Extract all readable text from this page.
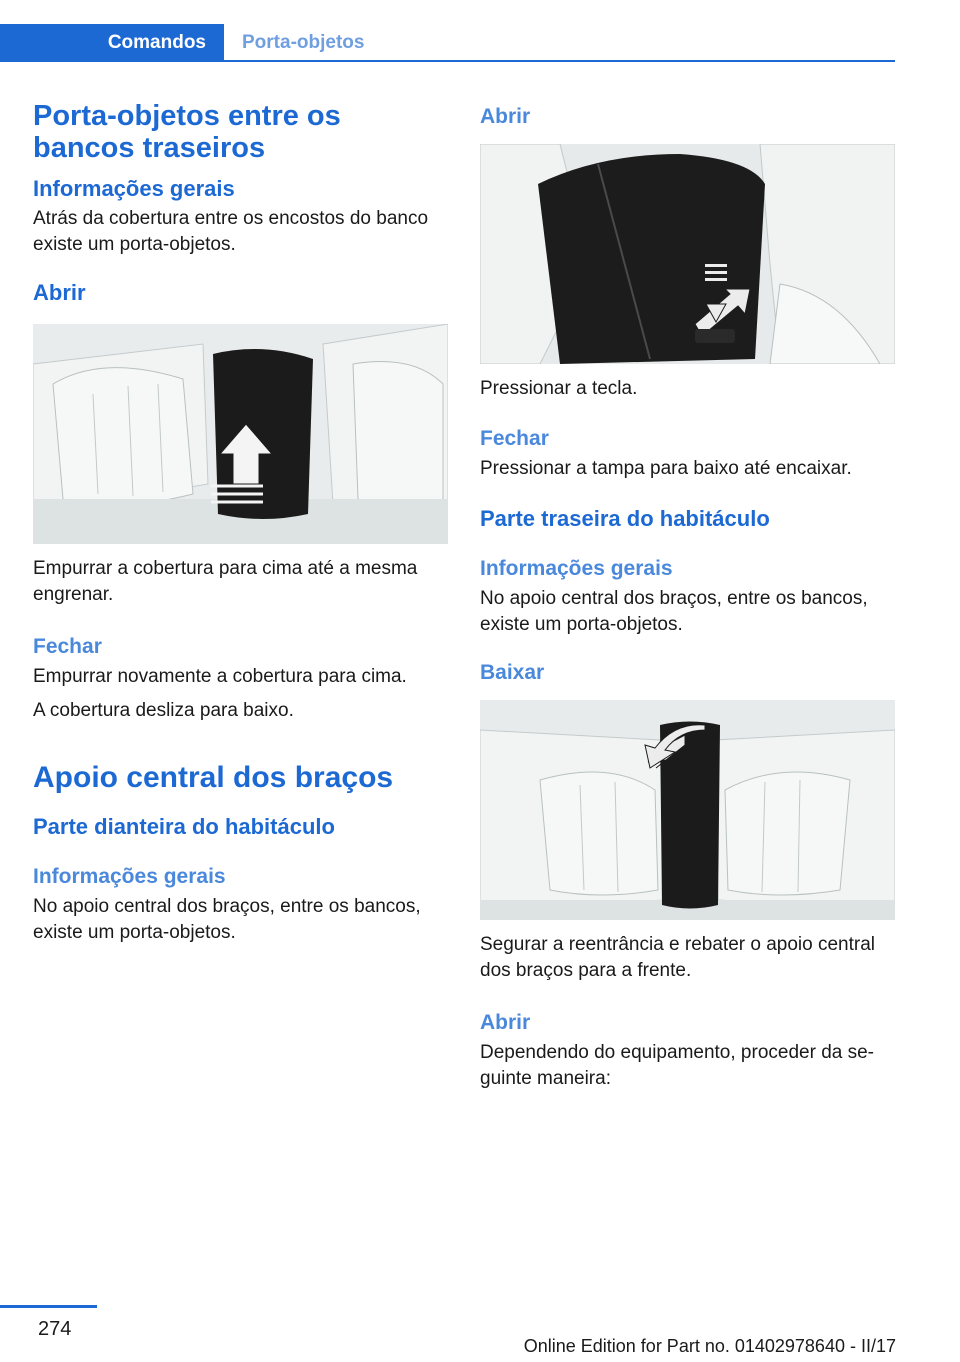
Comandos Porta-objetos
Porta-objetos entre os bancos traseiros
Informações gerais

Atrás da cobertura entre os encostos do banco existe um porta-objetos.

Abrir

Empurrar a cobertura para cima até a mesma engrenar.

Fechar

Empurrar novamente a cobertura para cima.

A cobertura desliza para baixo.

Apoio central dos braços
Parte dianteira do habitáculo
Informações gerais

No apoio central dos braços, entre os bancos, existe um porta-objetos.

Abrir

Pressionar a tecla.

Fechar

Pressionar a tampa para baixo até encaixar.

Parte traseira do habitáculo
Informações gerais

No apoio central dos braços, entre os bancos, existe um porta-objetos.

Baixar

Segurar a reentrância e rebater o apoio central dos braços para a frente.

Abrir

Dependendo do equipamento, proceder da se-guinte maneira:

274
Online Edition for Part no. 01402978640 - II/17
